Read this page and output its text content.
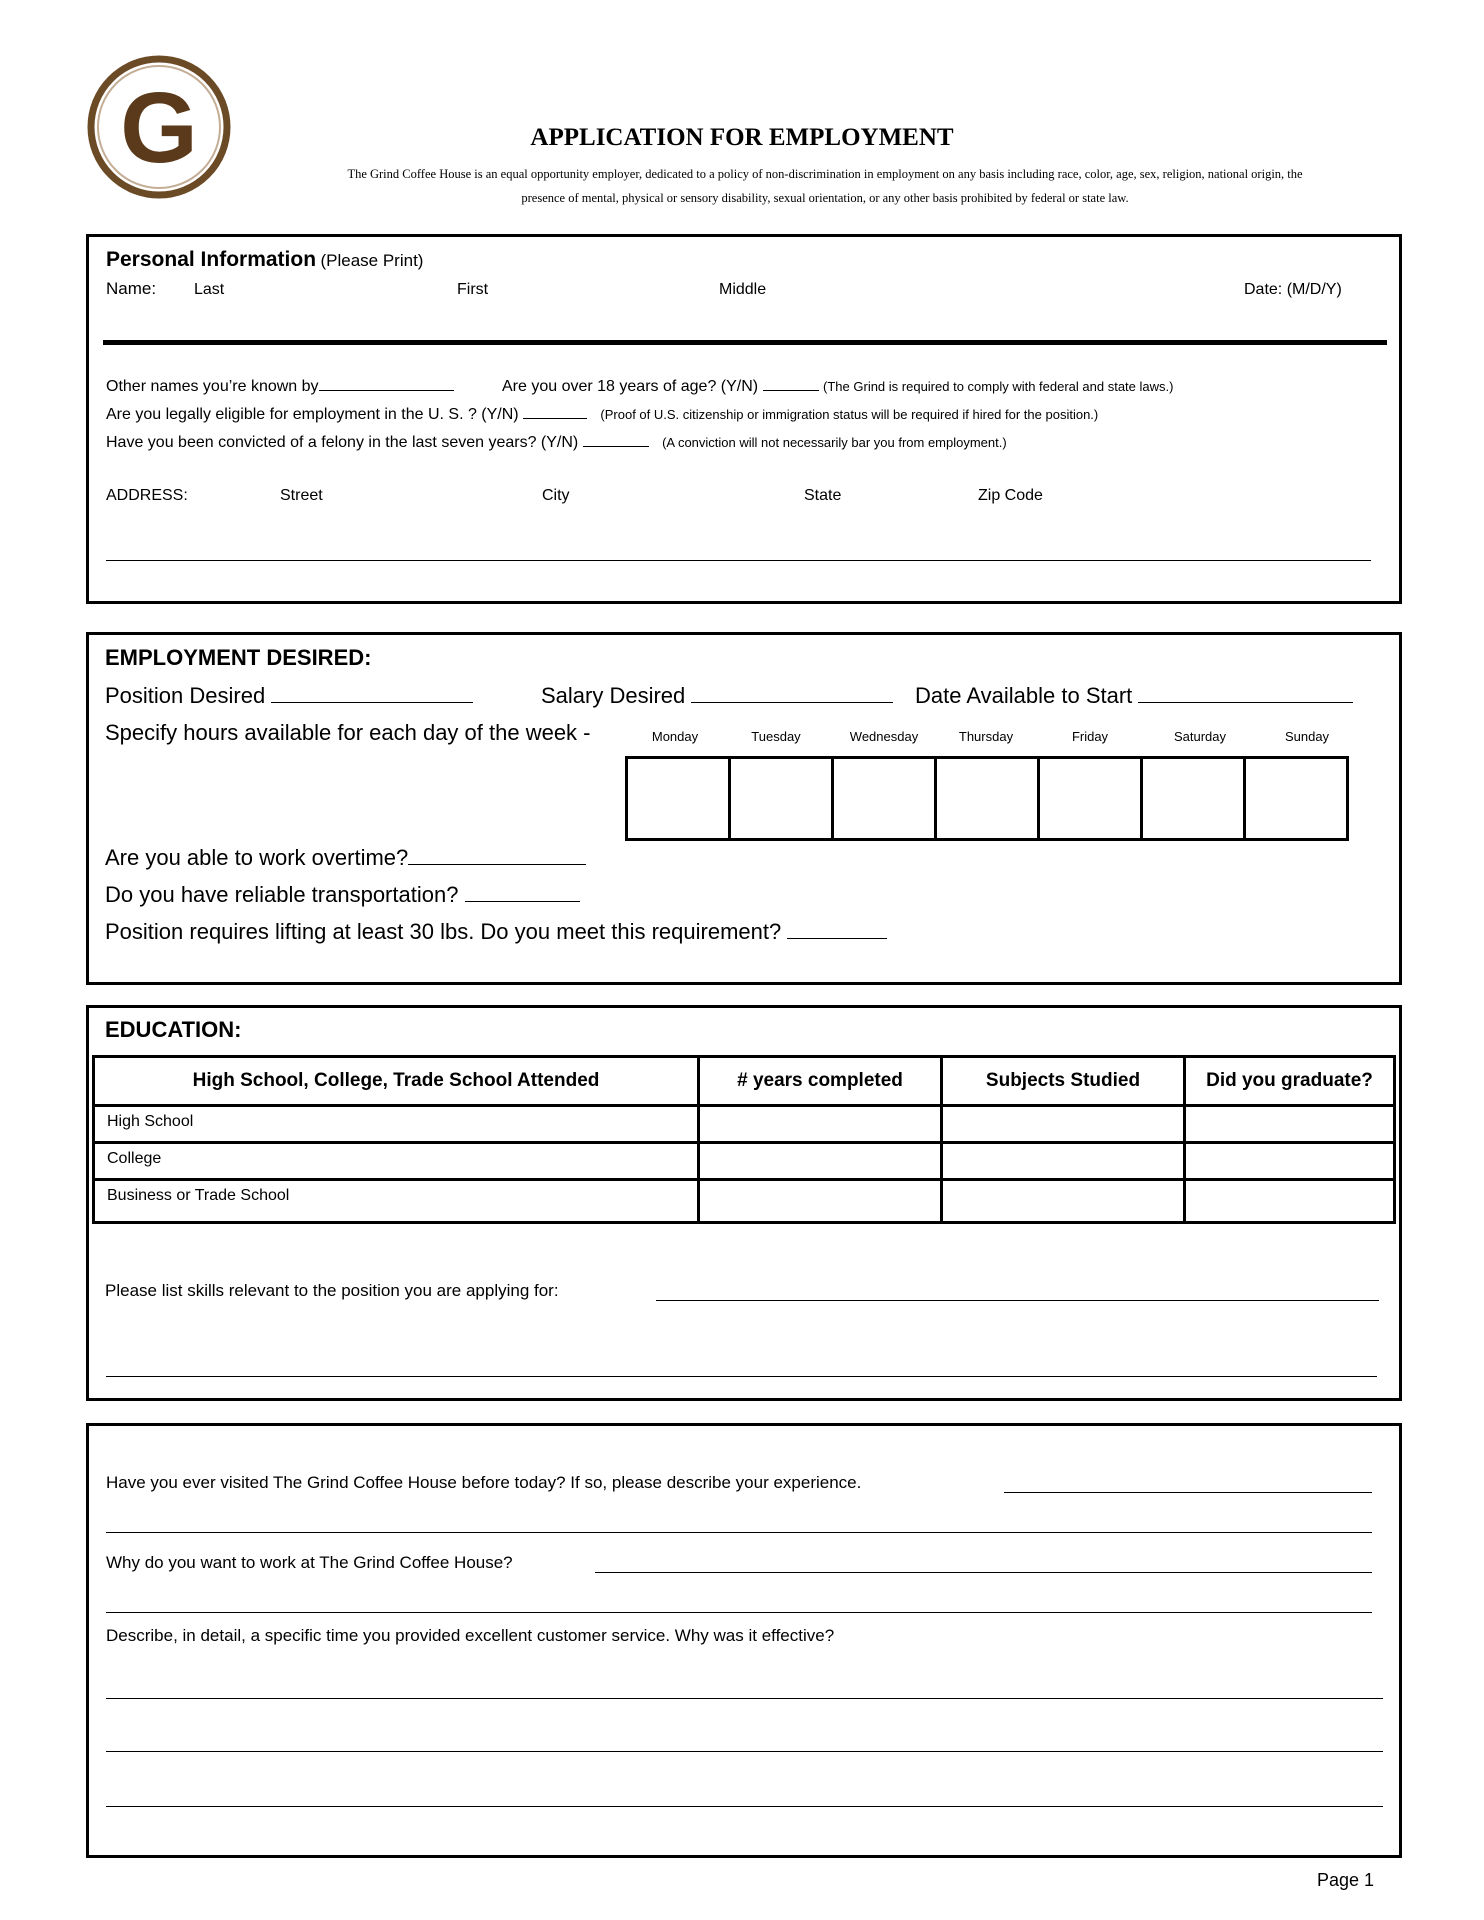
G	APPLICATION FOR EMPLOYMENT
The Grind Coffee House is an equal opportunity employer, dedicated to a policy of non-discrimination in employment on any basis including race, color, age, sex, religion, national origin, the
presence of mental, physical or sensory disability, sexual orientation, or any other basis prohibited by federal or state law.
Personal Information (Please Print)
Name: Last	First	Middle	Date: (M/D/Y)
Other names you’re known by	Are you over 18 years of age? (Y/N)	(The Grind is required to comply with federal and state laws.)
Are you legally eligible for employment in the U. S. ? (Y/N)	(Proof of U.S. citizenship or immigration status will be required if hired for the position.)
Have you been convicted of a felony in the last seven years? (Y/N)	(A conviction will not necessarily bar you from employment.)
ADDRESS:	Street	City	State	Zip Code
EMPLOYMENT DESIRED:
Position Desired	Salary Desired	Date Available to Start
Specify hours available for each day of the week -	Monday	Tuesday	Wednesday	Thursday	Friday	Saturday	Sunday

Are you able to work overtime?
Do you have reliable transportation?
Position requires lifting at least 30 lbs. Do you meet this requirement?
EDUCATION:
High School, College, Trade School Attended	# years completed	Subjects Studied	Did you graduate?
High School			
College			
Business or Trade School			
Please list skills relevant to the position you are applying for:
Have you ever visited The Grind Coffee House before today? If so, please describe your experience.
Why do you want to work at The Grind Coffee House?
Describe, in detail, a specific time you provided excellent customer service. Why was it effective?
Page 1
